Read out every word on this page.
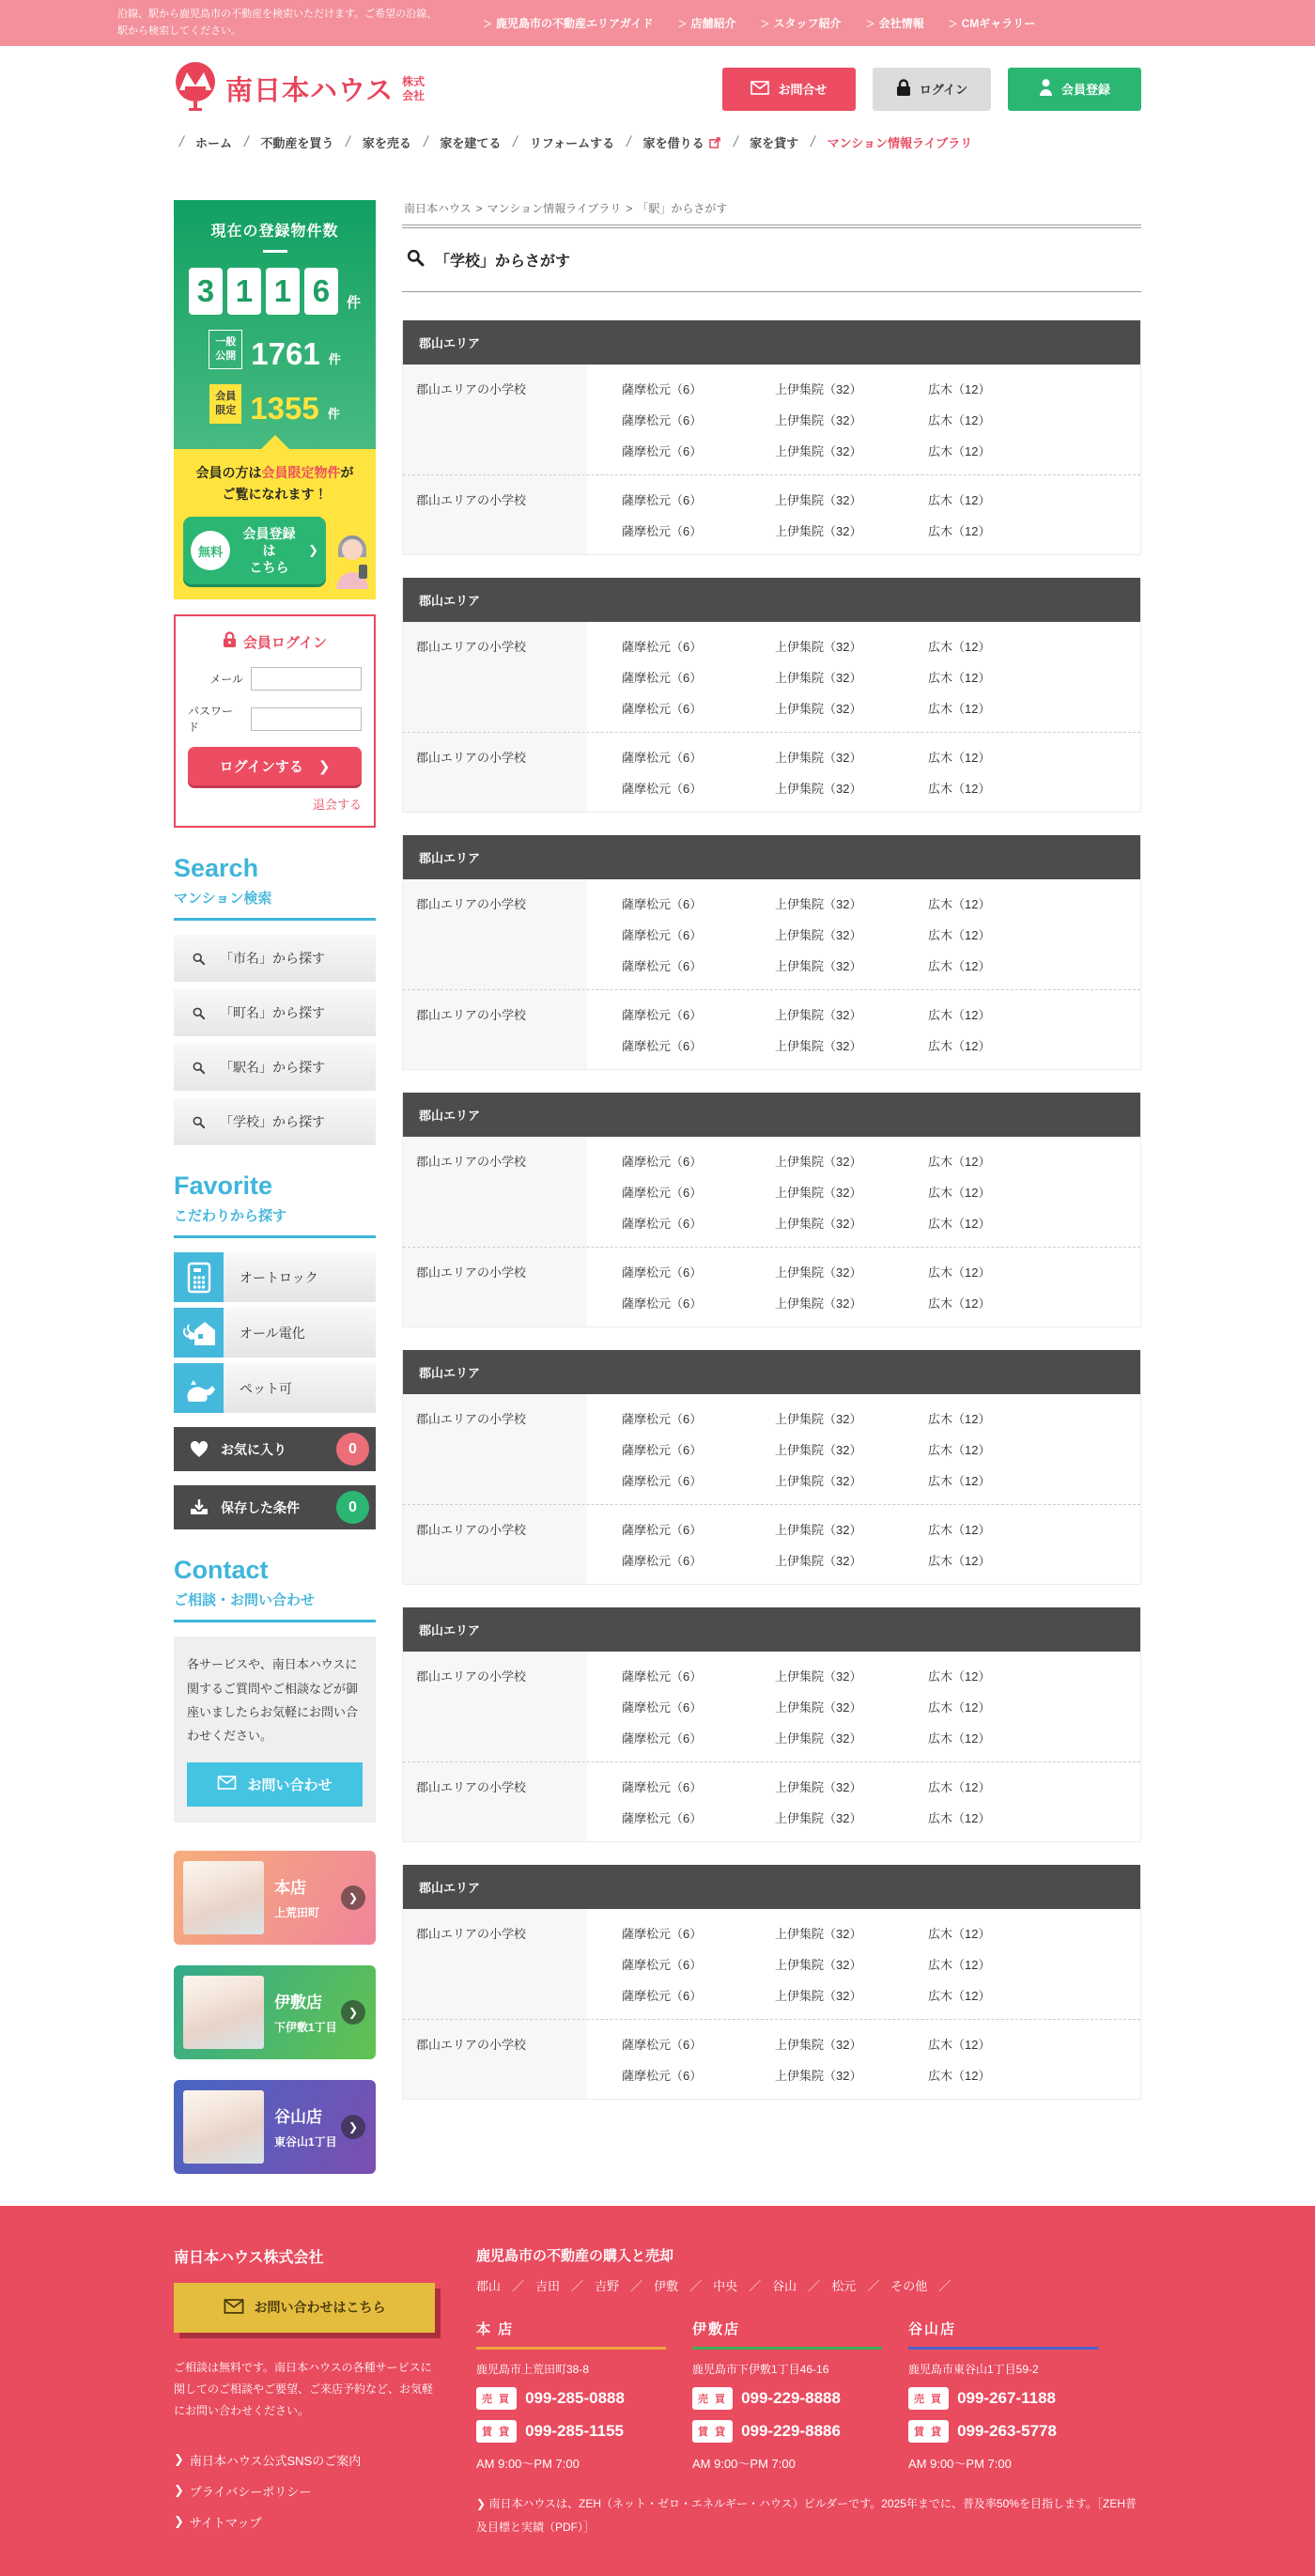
沿線、駅から鹿児島市の不動産を検索いただけます。ご希望の沿線、駅から検索してください。	＞ 鹿児島市の不動産エリアガイド	＞ 店舗紹介	＞ スタッフ紹介	＞ 会社情報	＞ CMギャラリー
南日本ハウス 株式会社	お問合せ	ログイン	会員登録
/ ホーム / 不動産を買う / 家を売る / 家を建てる / リフォームする / 家を借りる / 家を貸す / マンション情報ライブラリ
現在の登録物件数
3 1 1 6	件
一般
公開 1761 件
会員
限定 1355 件
会員の方は会員限定物件が
ご覧になれます！
無料
会員登録は
こちら
❯
会員ログイン
メール
パスワード
ログインする ❯
退会する
Search
マンション検索
「市名」から探す
「町名」から探す
「駅名」から探す
「学校」から探す
Favorite
こだわりから探す
オートロック
オール電化
ペット可
お気に入り	0
保存した条件	0
Contact
ご相談・お問い合わせ

各サービスや、南日本ハウスに関するご質問やご相談などが御座いましたらお気軽にお問い合わせください。

お問い合わせ
本店
上荒田町
❯
伊敷店
下伊敷1丁目
❯
谷山店
東谷山1丁目
❯
南日本ハウス > マンション情報ライブラリ > 「駅」からさがす
「学校」からさがす
郡山エリア
郡山エリアの小学校	薩摩松元（6）	上伊集院（32）	広木（12）
薩摩松元（6）	上伊集院（32）	広木（12）
薩摩松元（6）	上伊集院（32）	広木（12）
郡山エリアの小学校	薩摩松元（6）	上伊集院（32）	広木（12）
薩摩松元（6）	上伊集院（32）	広木（12）
郡山エリア
郡山エリアの小学校	薩摩松元（6）	上伊集院（32）	広木（12）
薩摩松元（6）	上伊集院（32）	広木（12）
薩摩松元（6）	上伊集院（32）	広木（12）
郡山エリアの小学校	薩摩松元（6）	上伊集院（32）	広木（12）
薩摩松元（6）	上伊集院（32）	広木（12）
郡山エリア
郡山エリアの小学校	薩摩松元（6）	上伊集院（32）	広木（12）
薩摩松元（6）	上伊集院（32）	広木（12）
薩摩松元（6）	上伊集院（32）	広木（12）
郡山エリアの小学校	薩摩松元（6）	上伊集院（32）	広木（12）
薩摩松元（6）	上伊集院（32）	広木（12）
郡山エリア
郡山エリアの小学校	薩摩松元（6）	上伊集院（32）	広木（12）
薩摩松元（6）	上伊集院（32）	広木（12）
薩摩松元（6）	上伊集院（32）	広木（12）
郡山エリアの小学校	薩摩松元（6）	上伊集院（32）	広木（12）
薩摩松元（6）	上伊集院（32）	広木（12）
郡山エリア
郡山エリアの小学校	薩摩松元（6）	上伊集院（32）	広木（12）
薩摩松元（6）	上伊集院（32）	広木（12）
薩摩松元（6）	上伊集院（32）	広木（12）
郡山エリアの小学校	薩摩松元（6）	上伊集院（32）	広木（12）
薩摩松元（6）	上伊集院（32）	広木（12）
郡山エリア
郡山エリアの小学校	薩摩松元（6）	上伊集院（32）	広木（12）
薩摩松元（6）	上伊集院（32）	広木（12）
薩摩松元（6）	上伊集院（32）	広木（12）
郡山エリアの小学校	薩摩松元（6）	上伊集院（32）	広木（12）
薩摩松元（6）	上伊集院（32）	広木（12）
郡山エリア
郡山エリアの小学校	薩摩松元（6）	上伊集院（32）	広木（12）
薩摩松元（6）	上伊集院（32）	広木（12）
薩摩松元（6）	上伊集院（32）	広木（12）
郡山エリアの小学校	薩摩松元（6）	上伊集院（32）	広木（12）
薩摩松元（6）	上伊集院（32）	広木（12）
南日本ハウス株式会社
お問い合わせはこちら

ご相談は無料です。南日本ハウスの各種サービスに関してのご相談やご要望、ご来店予約など、お気軽にお問い合わせください。

❯ 南日本ハウス公式SNSのご案内

❯ プライバシーポリシー
❯ サイトマップ
鹿児島市の不動産の購入と売却
郡山 ／ 吉田 ／ 吉野 ／ 伊敷 ／ 中央 ／ 谷山 ／ 松元 ／ その他 ／
本 店
鹿児島市上荒田町38-8
売 買 099-285-0888
賃 貸 099-285-1155
AM 9:00〜PM 7:00
伊敷店
鹿児島市下伊敷1丁目46-16
売 買 099-229-8888
賃 貸 099-229-8886
AM 9:00〜PM 7:00
谷山店
鹿児島市東谷山1丁目59-2
売 買 099-267-1188
賃 貸 099-263-5778
AM 9:00〜PM 7:00

❯ 南日本ハウスは、ZEH（ネット・ゼロ・エネルギー・ハウス）ビルダーです。2025年までに、普及率50%を目指します。［ZEH普及目標と実績（PDF）］
